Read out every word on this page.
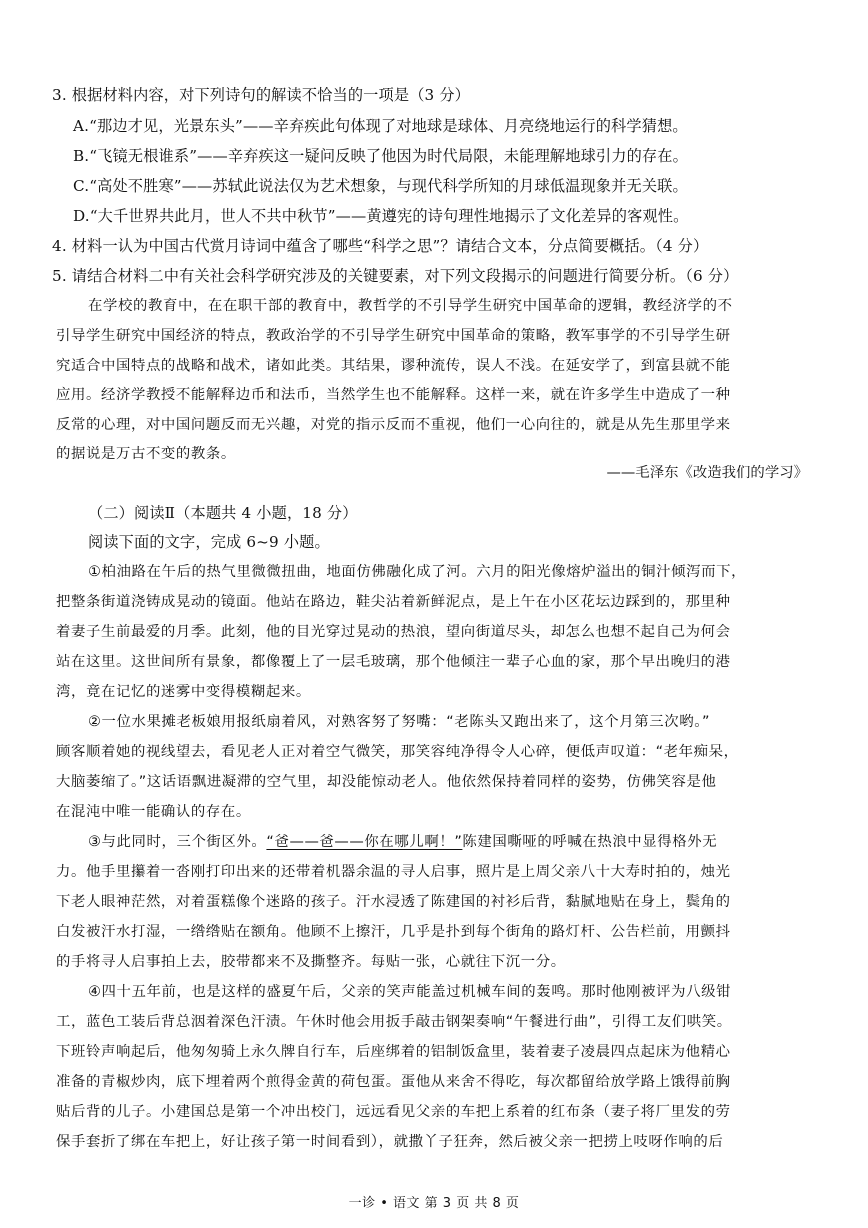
3. 根据材料内容，对下列诗句的解读不恰当的一项是（3 分）
A.“那边才见，光景东头”——辛弃疾此句体现了对地球是球体、月亮绕地运行的科学猜想。
B.“飞镜无根谁系”——辛弃疾这一疑问反映了他因为时代局限，未能理解地球引力的存在。
C.“高处不胜寒”——苏轼此说法仅为艺术想象，与现代科学所知的月球低温现象并无关联。
D.“大千世界共此月，世人不共中秋节”——黄遵宪的诗句理性地揭示了文化差异的客观性。
4. 材料一认为中国古代赏月诗词中蕴含了哪些“科学之思”？请结合文本，分点简要概括。（4 分）
5. 请结合材料二中有关社会科学研究涉及的关键要素，对下列文段揭示的问题进行简要分析。（6 分）
在学校的教育中，在在职干部的教育中，教哲学的不引导学生研究中国革命的逻辑，教经济学的不
引导学生研究中国经济的特点，教政治学的不引导学生研究中国革命的策略，教军事学的不引导学生研
究适合中国特点的战略和战术，诸如此类。其结果，谬种流传，误人不浅。在延安学了，到富县就不能
应用。经济学教授不能解释边币和法币，当然学生也不能解释。这样一来，就在许多学生中造成了一种
反常的心理，对中国问题反而无兴趣，对党的指示反而不重视，他们一心向往的，就是从先生那里学来
的据说是万古不变的教条。
——毛泽东《改造我们的学习》
（二）阅读Ⅱ（本题共 4 小题，18 分）
阅读下面的文字，完成 6~9 小题。
①柏油路在午后的热气里微微扭曲，地面仿佛融化成了河。六月的阳光像熔炉溢出的铜汁倾泻而下，
把整条街道浇铸成晃动的镜面。他站在路边，鞋尖沾着新鲜泥点，是上午在小区花坛边踩到的，那里种
着妻子生前最爱的月季。此刻，他的目光穿过晃动的热浪，望向街道尽头，却怎么也想不起自己为何会
站在这里。这世间所有景象，都像覆上了一层毛玻璃，那个他倾注一辈子心血的家，那个早出晚归的港
湾，竟在记忆的迷雾中变得模糊起来。
②一位水果摊老板娘用报纸扇着风，对熟客努了努嘴：“老陈头又跑出来了，这个月第三次哟。”
顾客顺着她的视线望去，看见老人正对着空气微笑，那笑容纯净得令人心碎，便低声叹道：“老年痴呆，
大脑萎缩了。”这话语飘进凝滞的空气里，却没能惊动老人。他依然保持着同样的姿势，仿佛笑容是他
在混沌中唯一能确认的存在。
③与此同时，三个街区外。“爸——爸——你在哪儿啊！”陈建国嘶哑的呼喊在热浪中显得格外无
力。他手里攥着一沓刚打印出来的还带着机器余温的寻人启事，照片是上周父亲八十大寿时拍的，烛光
下老人眼神茫然，对着蛋糕像个迷路的孩子。汗水浸透了陈建国的衬衫后背，黏腻地贴在身上，鬓角的
白发被汗水打湿，一绺绺贴在额角。他顾不上擦汗，几乎是扑到每个街角的路灯杆、公告栏前，用颤抖
的手将寻人启事拍上去，胶带都来不及撕整齐。每贴一张，心就往下沉一分。
④四十五年前，也是这样的盛夏午后，父亲的笑声能盖过机械车间的轰鸣。那时他刚被评为八级钳
工，蓝色工装后背总洇着深色汗渍。午休时他会用扳手敲击钢架奏响“午餐进行曲”，引得工友们哄笑。
下班铃声响起后，他匆匆骑上永久牌自行车，后座绑着的铝制饭盒里，装着妻子凌晨四点起床为他精心
准备的青椒炒肉，底下埋着两个煎得金黄的荷包蛋。蛋他从来舍不得吃，每次都留给放学路上饿得前胸
贴后背的儿子。小建国总是第一个冲出校门，远远看见父亲的车把上系着的红布条（妻子将厂里发的劳
保手套折了绑在车把上，好让孩子第一时间看到），就撒丫子狂奔，然后被父亲一把捞上吱呀作响的后
一诊 • 语文 第 3 页 共 8 页
